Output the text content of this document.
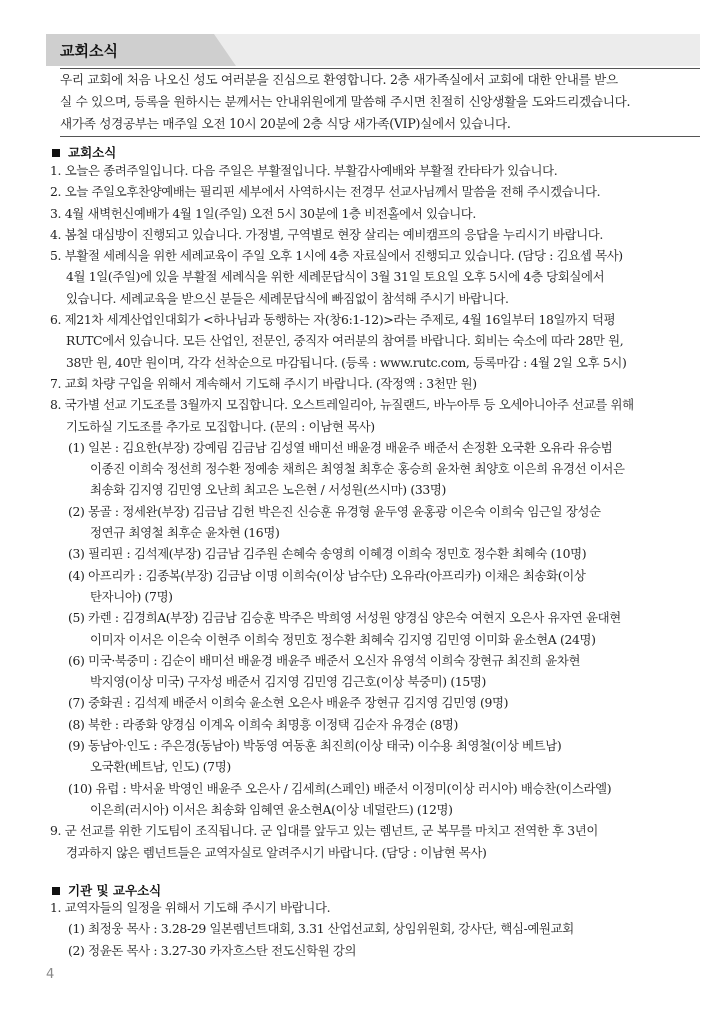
교회소식
우리 교회에 처음 나오신 성도 여러분을 진심으로 환영합니다. 2층 새가족실에서 교회에 대한 안내를 받으
실 수 있으며, 등록을 원하시는 분께서는 안내위원에게 말씀해 주시면 친절히 신앙생활을 도와드리겠습니다.
새가족 성경공부는 매주일 오전 10시 20분에 2층 식당 새가족(VIP)실에서 있습니다.
교회소식
1. 오늘은 종려주일입니다. 다음 주일은 부활절입니다. 부활감사예배와 부활절 칸타타가 있습니다.
2. 오늘 주일오후찬양예배는 필리핀 세부에서 사역하시는 전경무 선교사님께서 말씀을 전해 주시겠습니다.
3. 4월 새벽헌신예배가 4월 1일(주일) 오전 5시 30분에 1층 비전홀에서 있습니다.
4. 봄철 대심방이 진행되고 있습니다. 가정별, 구역별로 현장 살리는 예비캠프의 응답을 누리시기 바랍니다.
5. 부활절 세례식을 위한 세례교육이 주일 오후 1시에 4층 자료실에서 진행되고 있습니다. (담당 : 김요셉 목사)
4월 1일(주일)에 있을 부활절 세례식을 위한 세례문답식이 3월 31일 토요일 오후 5시에 4층 당회실에서
있습니다. 세례교육을 받으신 분들은 세례문답식에 빠짐없이 참석해 주시기 바랍니다.
6. 제21차 세계산업인대회가 <하나님과 동행하는 자(창6:1-12)>라는 주제로, 4월 16일부터 18일까지 덕평
RUTC에서 있습니다. 모든 산업인, 전문인, 중직자 여러분의 참여를 바랍니다. 회비는 숙소에 따라 28만 원,
38만 원, 40만 원이며, 각각 선착순으로 마감됩니다. (등록 : www.rutc.com, 등록마감 : 4월 2일 오후 5시)
7. 교회 차량 구입을 위해서 계속해서 기도해 주시기 바랍니다. (작정액 : 3천만 원)
8. 국가별 선교 기도조를 3월까지 모집합니다. 오스트레일리아, 뉴질랜드, 바누아투 등 오세아니아주 선교를 위해
기도하실 기도조를 추가로 모집합니다. (문의 : 이남현 목사)
(1) 일본 : 김요한(부장) 강예림 김금남 김성열 배미선 배윤경 배윤주 배준서 손정환 오국환 오유라 유승범
이종진 이희숙 정선희 정수환 정예송 채희은 최영철 최후순 홍승희 윤차현 최양호 이은희 유경선 이서은
최송화 김지영 김민영 오난희 최고은 노은현 / 서성원(쓰시마) (33명)
(2) 몽골 : 정세완(부장) 김금남 김헌 박은진 신승훈 유경형 윤두영 윤홍광 이은숙 이희숙 임근일 장성순
정연규 최영철 최후순 윤차현 (16명)
(3) 필리핀 : 김석제(부장) 김금남 김주원 손혜숙 송영희 이혜경 이희숙 정민호 정수환 최혜숙 (10명)
(4) 아프리카 : 김종복(부장) 김금남 이명 이희숙(이상 남수단) 오유라(아프리카) 이채은 최송화(이상
탄자니아) (7명)
(5) 카렌 : 김경희A(부장) 김금남 김승훈 박주은 박희영 서성원 양경심 양은숙 여현지 오은사 유자연 윤대현
이미자 이서은 이은숙 이현주 이희숙 정민호 정수환 최혜숙 김지영 김민영 이미화 윤소현A (24명)
(6) 미국·북중미 : 김순이 배미선 배윤경 배윤주 배준서 오신자 유영석 이희숙 장현규 최진희 윤차현
박지영(이상 미국) 구자성 배준서 김지영 김민영 김근호(이상 북중미) (15명)
(7) 중화권 : 김석제 배준서 이희숙 윤소현 오은사 배윤주 장현규 김지영 김민영 (9명)
(8) 북한 : 라종화 양경심 이계옥 이희숙 최명흥 이정택 김순자 유경순 (8명)
(9) 동남아·인도 : 주은경(동남아) 박동영 여동훈 최진희(이상 태국) 이수용 최영철(이상 베트남)
오국환(베트남, 인도) (7명)
(10) 유럽 : 박서윤 박영인 배윤주 오은사 / 김세희(스페인) 배준서 이정미(이상 러시아) 배승찬(이스라엘)
이은희(러시아) 이서은 최송화 임혜연 윤소현A(이상 네덜란드) (12명)
9. 군 선교를 위한 기도팀이 조직됩니다. 군 입대를 앞두고 있는 렘넌트, 군 복무를 마치고 전역한 후 3년이
경과하지 않은 렘넌트들은 교역자실로 알려주시기 바랍니다. (담당 : 이남현 목사)
기관 및 교우소식
1. 교역자들의 일정을 위해서 기도해 주시기 바랍니다.
(1) 최정웅 목사 : 3.28-29 일본렘넌트대회, 3.31 산업선교회, 상임위원회, 강사단, 핵심-예원교회
(2) 정윤돈 목사 : 3.27-30 카자흐스탄 전도신학원 강의
4
